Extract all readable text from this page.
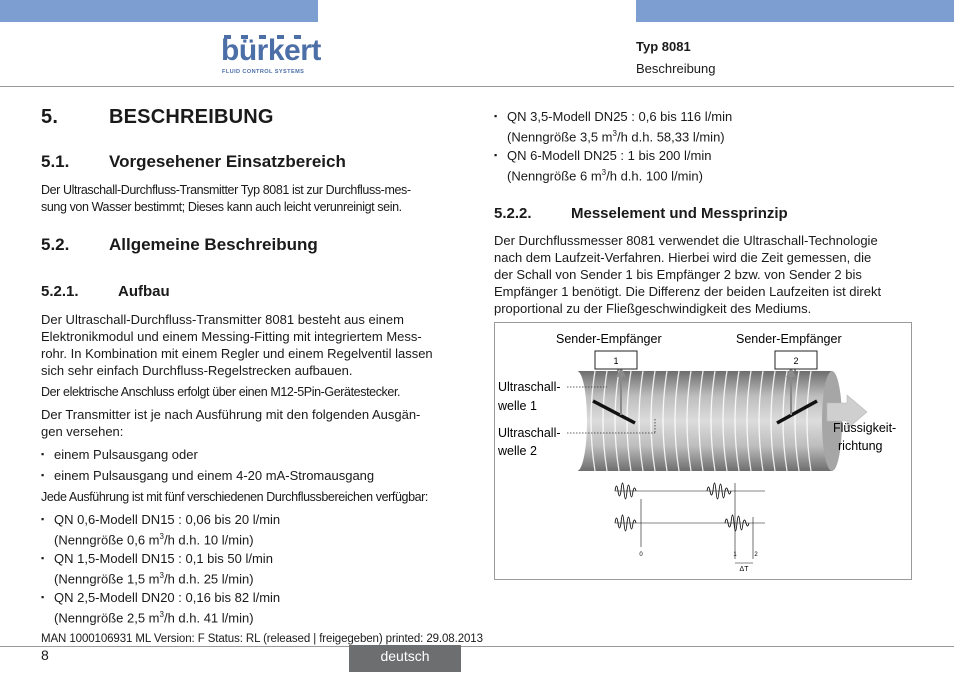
bürkert
FLUID CONTROL SYSTEMS
Typ 8081
Beschreibung
5.	BESCHREIBUNG
5.1. Vorgesehener Einsatzbereich
Der Ultraschall-Durchfluss-Transmitter Typ 8081 ist zur Durchfluss-mes-
sung von Wasser bestimmt; Dieses kann auch leicht verunreinigt sein.
5.2. Allgemeine Beschreibung
5.2.1.	Aufbau
Der Ultraschall-Durchfluss-Transmitter 8081 besteht aus einem
Elektronikmodul und einem Messing-Fitting mit integriertem Mess-
rohr. In Kombination mit einem Regler und einem Regelventil lassen
sich sehr einfach Durchfluss-Regelstrecken aufbauen.
Der elektrische Anschluss erfolgt über einen M12-5Pin-Gerätestecker.
Der Transmitter ist je nach Ausführung mit den folgenden Ausgän-
gen versehen:
▪ einem Pulsausgang oder
▪ einem Pulsausgang und einem 4-20 mA-Stromausgang
Jede Ausführung ist mit fünf verschiedenen Durchflussbereichen verfügbar:
▪ QN 0,6-Modell DN15 : 0,06 bis 20 l/min
(Nenngröße 0,6 $m^3/h$ d.h. 10 l/min)
▪ QN 1,5-Modell DN15 : 0,1 bis 50 l/min
(Nenngröße 1,5 $m^3/h$ d.h. 25 l/min)
▪ QN 2,5-Modell DN20 : 0,16 bis 82 l/min
(Nenngröße 2,5 $m^3/h$ d.h. 41 l/min)
▪ QN 3,5-Modell DN25 : 0,6 bis 116 l/min
(Nenngröße 3,5 $m^3/h$ d.h. 58,33 l/min)
▪ QN 6-Modell DN25 : 1 bis 200 l/min
(Nenngröße 6 $m^3/h$ d.h. 100 l/min)
5.2.2.	Messelement und Messprinzip
Der Durchflussmesser 8081 verwendet die Ultraschall-Technologie
nach dem Laufzeit-Verfahren. Hierbei wird die Zeit gemessen, die
der Schall von Sender 1 bis Empfänger 2 bzw. von Sender 2 bis
Empfänger 1 benötigt. Die Differenz der beiden Laufzeiten ist direkt
proportional zu der Fließgeschwindigkeit des Mediums.
1	2
Sender-Empfänger	Sender-Empfänger
Ultraschall-
welle 1
Ultraschall-
welle 2
Flüssigkeit-
richtung
0	1	2
ΔT
MAN 1000106931 ML Version: F Status: RL (released | freigegeben) printed: 29.08.2013
8	deutsch
